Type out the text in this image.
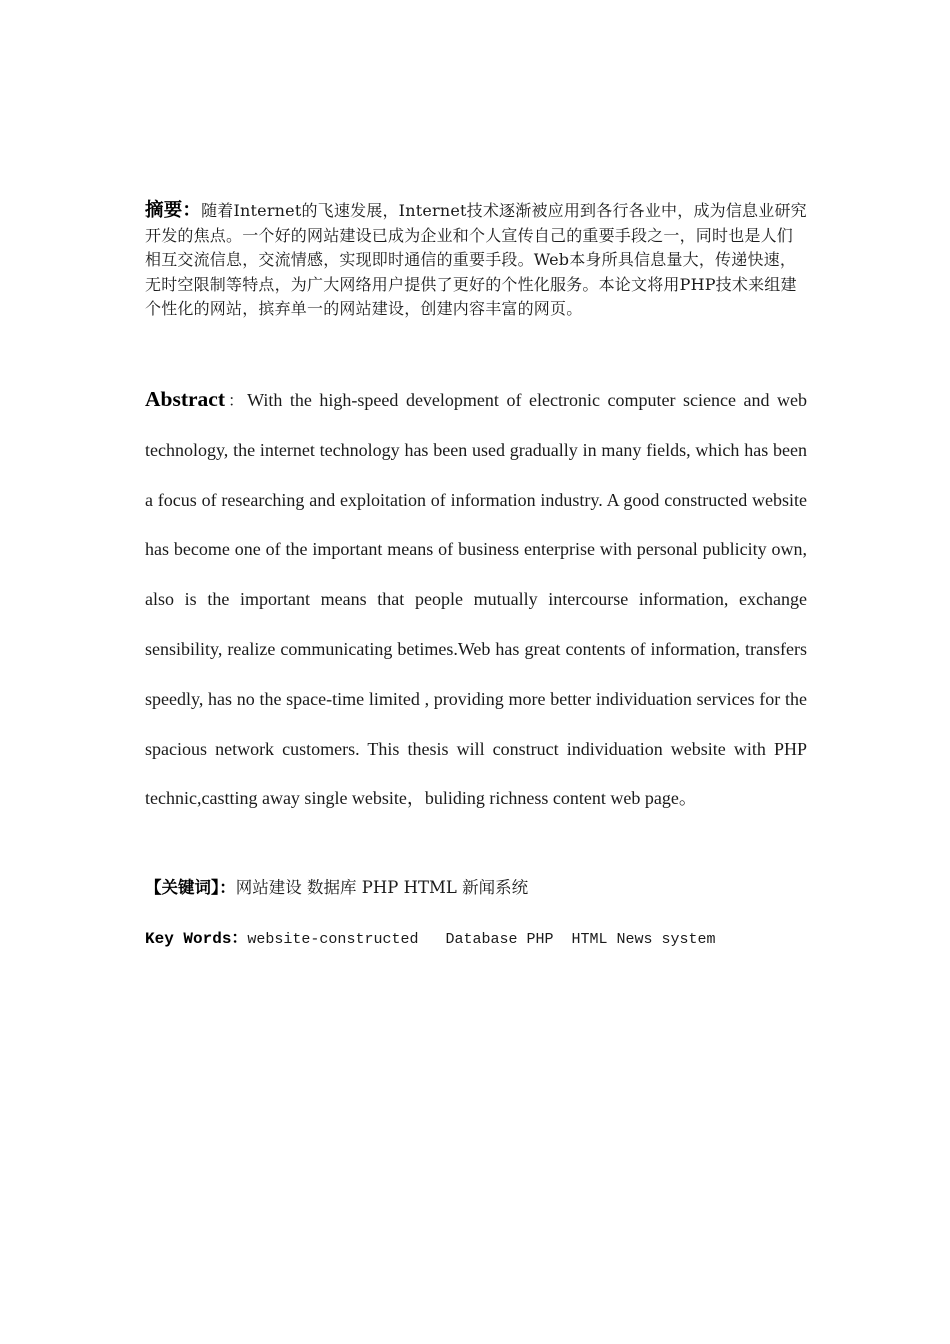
摘要：随着Internet的飞速发展，Internet技术逐渐被应用到各行各业中，成为信息业研究开发的焦点。一个好的网站建设已成为企业和个人宣传自己的重要手段之一，同时也是人们相互交流信息，交流情感，实现即时通信的重要手段。Web本身所具信息量大，传递快速，无时空限制等特点，为广大网络用户提供了更好的个性化服务。本论文将用PHP技术来组建个性化的网站，摈弃单一的网站建设，创建内容丰富的网页。
Abstract：With the high-speed development of electronic computer science and web technology, the internet technology has been used gradually in many fields, which has been a focus of researching and exploitation of information industry. A good constructed website has become one of the important means of business enterprise with personal publicity own, also is the important means that people mutually intercourse information, exchange sensibility, realize communicating betimes.Web has great contents of information, transfers speedly, has no the space-time limited , providing more better individuation services for the spacious network customers. This thesis will construct individuation website with PHP technic,castting away single website，buliding richness content web page。
【关键词】：网站建设 数据库 PHP HTML 新闻系统
Key Words：website-constructed   Database PHP  HTML News system
